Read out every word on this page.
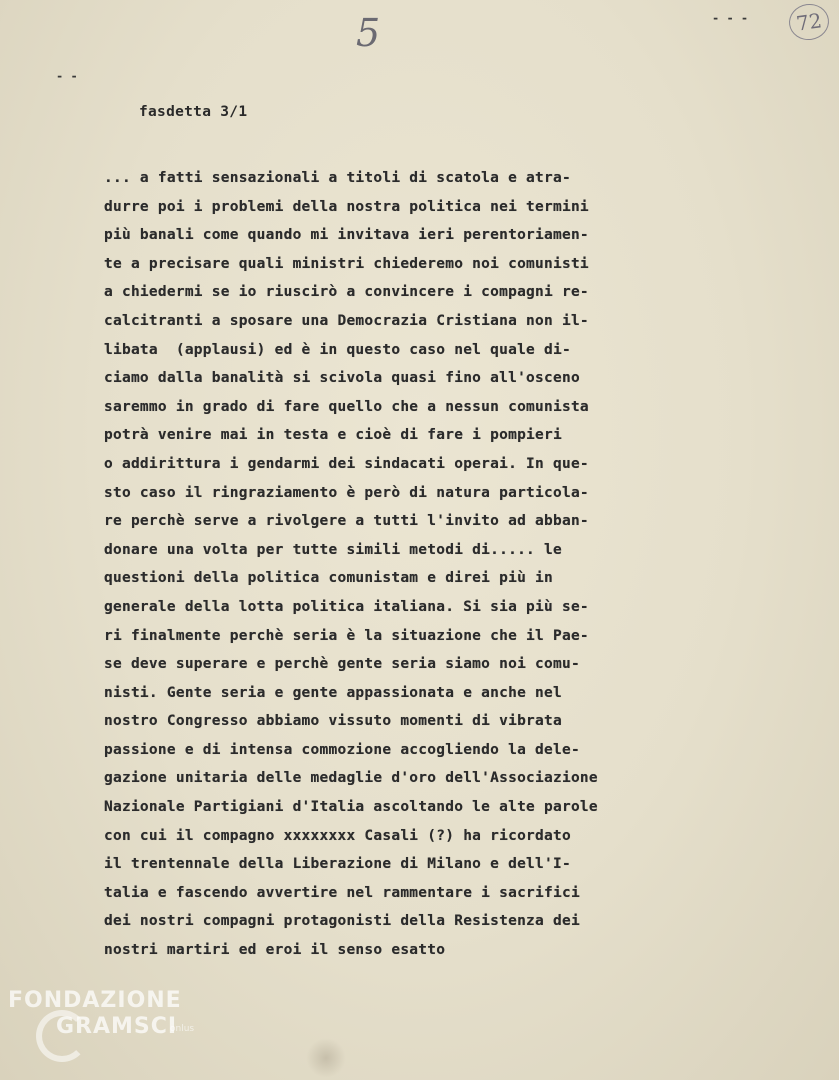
5	72
- -
- - -
fasdetta 3/1
... a fatti sensazionali a titoli di scatola e atra-
durre poi i problemi della nostra politica nei termini
più banali come quando mi invitava ieri perentoriamen-
te a precisare quali ministri chiederemo noi comunisti
a chiedermi se io riuscirò a convincere i compagni re-
calcitranti a sposare una Democrazia Cristiana non il-
libata  (applausi) ed è in questo caso nel quale di-
ciamo dalla banalità si scivola quasi fino all'osceno
saremmo in grado di fare quello che a nessun comunista
potrà venire mai in testa e cioè di fare i pompieri
o addirittura i gendarmi dei sindacati operai. In que-
sto caso il ringraziamento è però di natura particola-
re perchè serve a rivolgere a tutti l'invito ad abban-
donare una volta per tutte simili metodi di..... le
questioni della politica comunistam e direi più in
generale della lotta politica italiana. Si sia più se-
ri finalmente perchè seria è la situazione che il Pae-
se deve superare e perchè gente seria siamo noi comu-
nisti. Gente seria e gente appassionata e anche nel
nostro Congresso abbiamo vissuto momenti di vibrata
passione e di intensa commozione accogliendo la dele-
gazione unitaria delle medaglie d'oro dell'Associazione
Nazionale Partigiani d'Italia ascoltando le alte parole
con cui il compagno xxxxxxxx Casali (?) ha ricordato
il trentennale della Liberazione di Milano e dell'I-
talia e fascendo avvertire nel rammentare i sacrifici
dei nostri compagni protagonisti della Resistenza dei
nostri martiri ed eroi il senso esatto
FONDAZIONE
GRAMSCI
onlus
